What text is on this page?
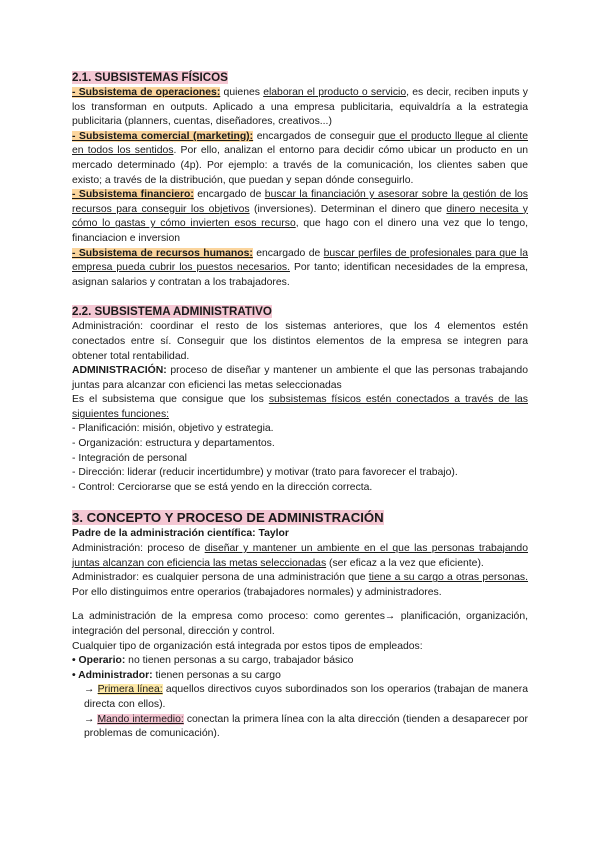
2.1. SUBSISTEMAS FÍSICOS

- Subsistema de operaciones: quienes elaboran el producto o servicio, es decir, reciben inputs y los transforman en outputs. Aplicado a una empresa publicitaria, equivaldría a la estrategia publicitaria (planners, cuentas, diseñadores, creativos...)

- Subsistema comercial (marketing): encargados de conseguir que el producto llegue al cliente en todos los sentidos. Por ello, analizan el entorno para decidir cómo ubicar un producto en un mercado determinado (4p). Por ejemplo: a través de la comunicación, los clientes saben que existo; a través de la distribución, que puedan y sepan dónde conseguirlo.

- Subsistema financiero: encargado de buscar la financiación y asesorar sobre la gestión de los recursos para conseguir los objetivos (inversiones). Determinan el dinero que dinero necesita y cómo lo gastas y cómo invierten esos recurso, que hago con el dinero una vez que lo tengo, financiacion e inversion

- Subsistema de recursos humanos: encargado de buscar perfiles de profesionales para que la empresa pueda cubrir los puestos necesarios. Por tanto; identifican necesidades de la empresa, asignan salarios y contratan a los trabajadores.

2.2. SUBSISTEMA ADMINISTRATIVO

Administración: coordinar el resto de los sistemas anteriores, que los 4 elementos estén conectados entre sí. Conseguir que los distintos elementos de la empresa se integren para obtener total rentabilidad.

ADMINISTRACIÓN: proceso de diseñar y mantener un ambiente el que las personas trabajando juntas para alcanzar con eficienci las metas seleccionadas

Es el subsistema que consigue que los subsistemas físicos estén conectados a través de las siguientes funciones:

- Planificación: misión, objetivo y estrategia.

- Organización: estructura y departamentos.

- Integración de personal

- Dirección: liderar (reducir incertidumbre) y motivar (trato para favorecer el trabajo).

- Control: Cerciorarse que se está yendo en la dirección correcta.

3. CONCEPTO Y PROCESO DE ADMINISTRACIÓN

Padre de la administración científica: Taylor

Administración: proceso de diseñar y mantener un ambiente en el que las personas trabajando juntas alcanzan con eficiencia las metas seleccionadas (ser eficaz a la vez que eficiente).

Administrador: es cualquier persona de una administración que tiene a su cargo a otras personas. Por ello distinguimos entre operarios (trabajadores normales) y administradores.

La administración de la empresa como proceso: como gerentes→ planificación, organización, integración del personal, dirección y control.

Cualquier tipo de organización está integrada por estos tipos de empleados:

• Operario: no tienen personas a su cargo, trabajador básico

• Administrador: tienen personas a su cargo

→ Primera línea: aquellos directivos cuyos subordinados son los operarios (trabajan de manera directa con ellos).

→ Mando intermedio: conectan la primera línea con la alta dirección (tienden a desaparecer por problemas de comunicación).
